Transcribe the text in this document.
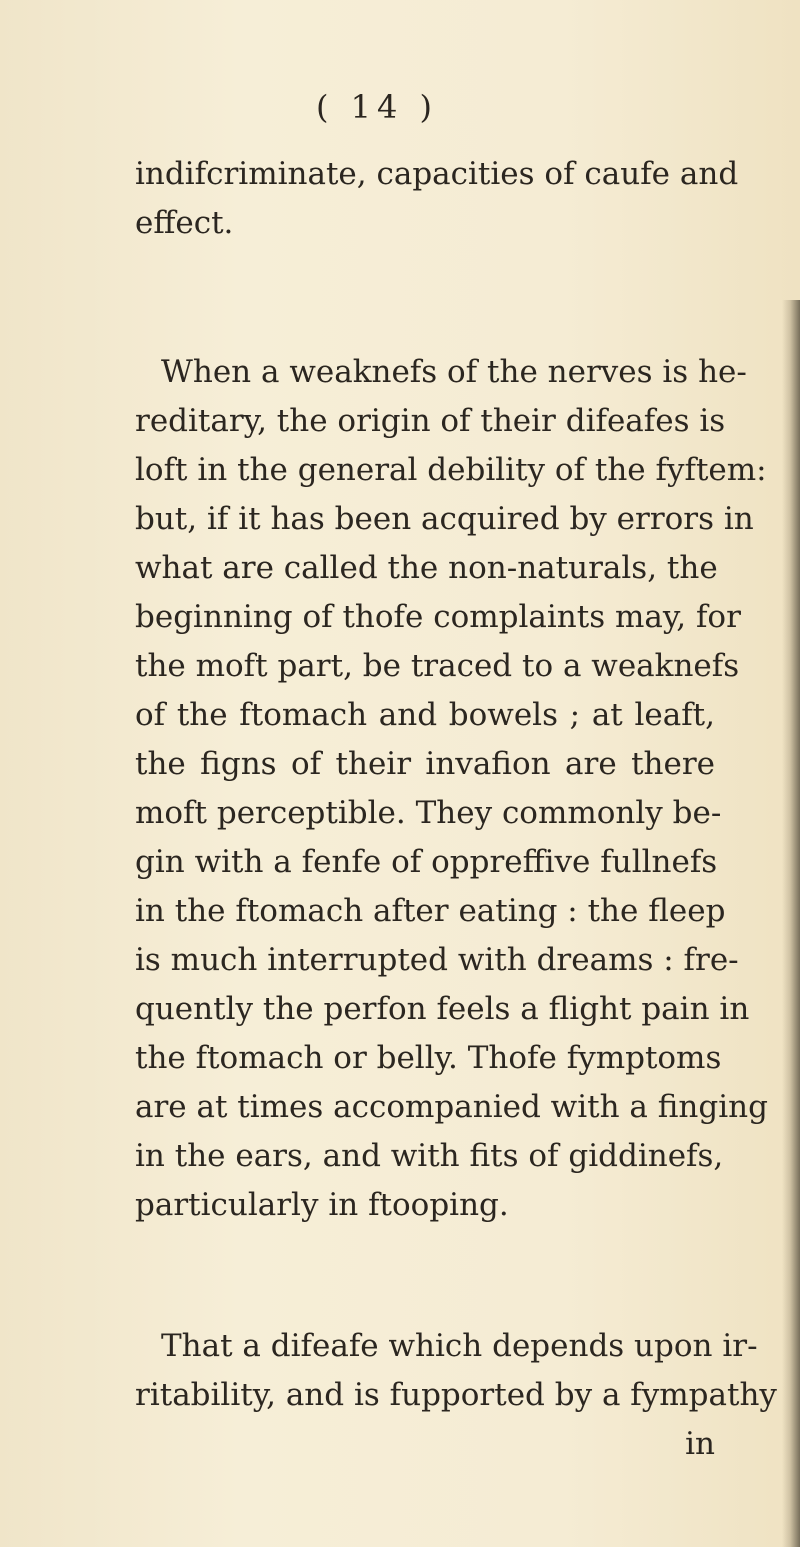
( 14 )
indifcriminate, capacities of caufe and
effect.
When a weaknefs of the nerves is he-
reditary, the origin of their difeafes is
loft in the general debility of the fyftem:
but, if it has been acquired by errors in
what are called the non-naturals, the
beginning of thofe complaints may, for
the moft part, be traced to a weaknefs
of the ftomach and bowels ; at leaft,
the figns of their invafion are there
moft perceptible. They commonly be-
gin with a fenfe of oppreffive fullnefs
in the ftomach after eating : the fleep
is much interrupted with dreams : fre-
quently the perfon feels a flight pain in
the ftomach or belly. Thofe fymptoms
are at times accompanied with a finging
in the ears, and with fits of giddinefs,
particularly in ftooping.
That a difeafe which depends upon ir-
ritability, and is fupported by a fympathy
in
